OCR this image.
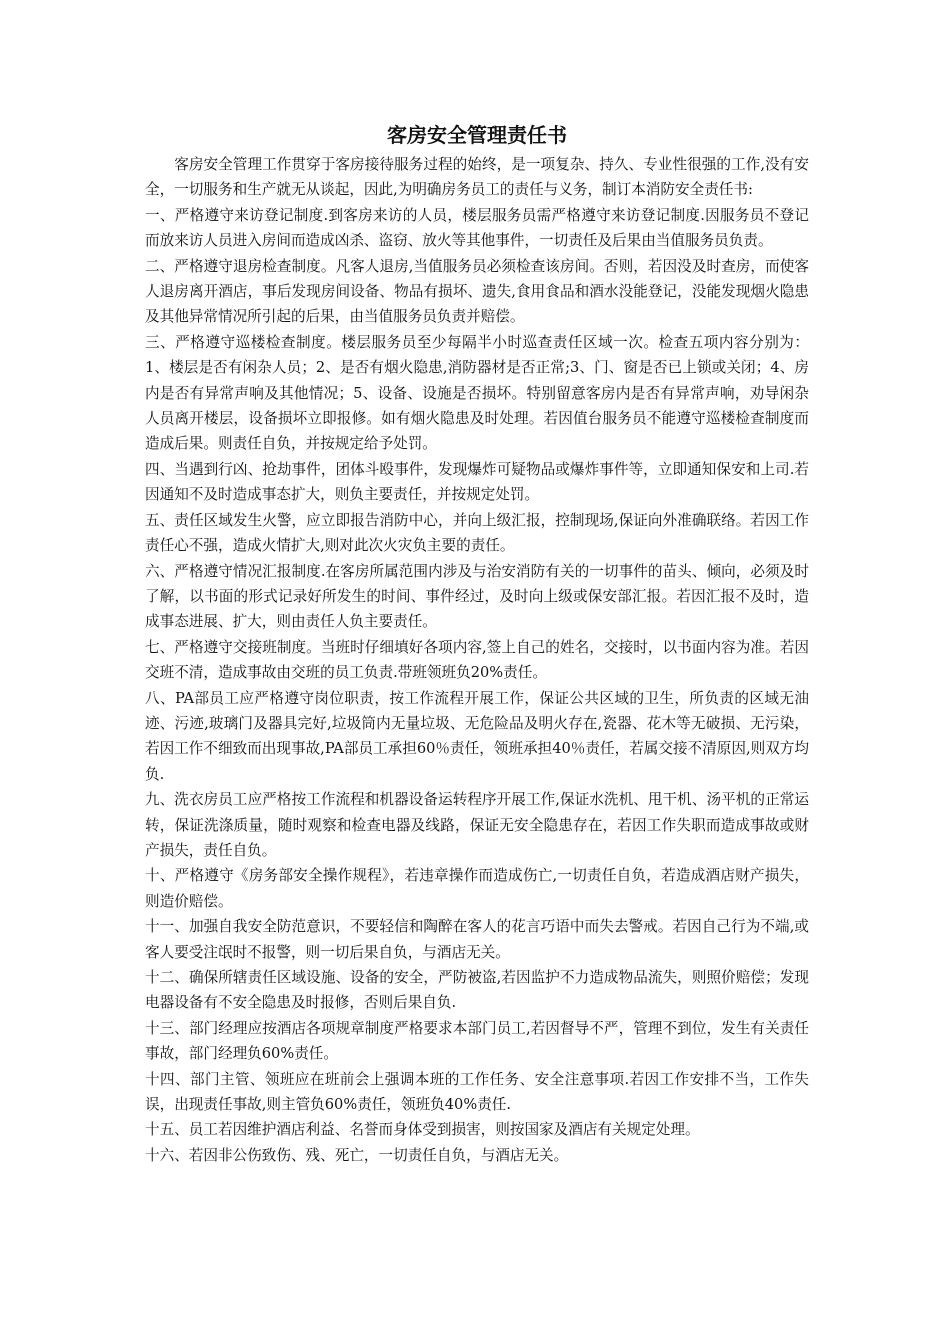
客房安全管理责任书

客房安全管理工作贯穿于客房接待服务过程的始终，是一项复杂、持久、专业性很强的工作,没有安全，一切服务和生产就无从谈起，因此,为明确房务员工的责任与义务，制订本消防安全责任书:

一、严格遵守来访登记制度.到客房来访的人员，楼层服务员需严格遵守来访登记制度.因服务员不登记而放来访人员进入房间而造成凶杀、盗窃、放火等其他事件，一切责任及后果由当值服务员负责。

二、严格遵守退房检查制度。凡客人退房,当值服务员必须检查该房间。否则，若因没及时查房，而使客人退房离开酒店，事后发现房间设备、物品有损坏、遗失,食用食品和酒水没能登记，没能发现烟火隐患及其他异常情况所引起的后果，由当值服务员负责并赔偿。

三、严格遵守巡楼检查制度。楼层服务员至少每隔半小时巡查责任区域一次。检查五项内容分别为：1、楼层是否有闲杂人员；2、是否有烟火隐患,消防器材是否正常;3、门、窗是否已上锁或关闭；4、房内是否有异常声响及其他情况；5、设备、设施是否损坏。特别留意客房内是否有异常声响，劝导闲杂人员离开楼层，设备损坏立即报修。如有烟火隐患及时处理。若因值台服务员不能遵守巡楼检查制度而造成后果。则责任自负，并按规定给予处罚。

四、当遇到行凶、抢劫事件，团体斗殴事件，发现爆炸可疑物品或爆炸事件等，立即通知保安和上司.若因通知不及时造成事态扩大，则负主要责任，并按规定处罚。

五、责任区域发生火警，应立即报告消防中心，并向上级汇报，控制现场,保证向外准确联络。若因工作责任心不强，造成火情扩大,则对此次火灾负主要的责任。

六、严格遵守情况汇报制度.在客房所属范围内涉及与治安消防有关的一切事件的苗头、倾向，必须及时了解，以书面的形式记录好所发生的时间、事件经过，及时向上级或保安部汇报。若因汇报不及时，造成事态进展、扩大，则由责任人负主要责任。

七、严格遵守交接班制度。当班时仔细填好各项内容,签上自己的姓名，交接时，以书面内容为准。若因交班不清，造成事故由交班的员工负责.带班领班负20%责任。

八、PA部员工应严格遵守岗位职责，按工作流程开展工作，保证公共区域的卫生，所负责的区域无油迹、污迹,玻璃门及器具完好,垃圾筒内无量垃圾、无危险品及明火存在,瓷器、花木等无破损、无污染，若因工作不细致而出现事故,PA部员工承担60％责任，领班承担40％责任，若属交接不清原因,则双方均负.

九、洗衣房员工应严格按工作流程和机器设备运转程序开展工作,保证水洗机、甩干机、汤平机的正常运转，保证洗涤质量，随时观察和检查电器及线路，保证无安全隐患存在，若因工作失职而造成事故或财产损失，责任自负。

十、严格遵守《房务部安全操作规程》，若违章操作而造成伤亡,一切责任自负，若造成酒店财产损失，则造价赔偿。

十一、加强自我安全防范意识，不要轻信和陶醉在客人的花言巧语中而失去警戒。若因自己行为不端,或客人要受注氓时不报警，则一切后果自负，与酒店无关。

十二、确保所辖责任区域设施、设备的安全，严防被盗,若因监护不力造成物品流失，则照价赔偿；发现电器设备有不安全隐患及时报修，否则后果自负.

十三、部门经理应按酒店各项规章制度严格要求本部门员工,若因督导不严，管理不到位，发生有关责任事故，部门经理负60%责任。

十四、部门主管、领班应在班前会上强调本班的工作任务、安全注意事项.若因工作安排不当，工作失误，出现责任事故,则主管负60%责任，领班负40%责任.

十五、员工若因维护酒店利益、名誉而身体受到损害，则按国家及酒店有关规定处理。

十六、若因非公伤致伤、残、死亡，一切责任自负，与酒店无关。
